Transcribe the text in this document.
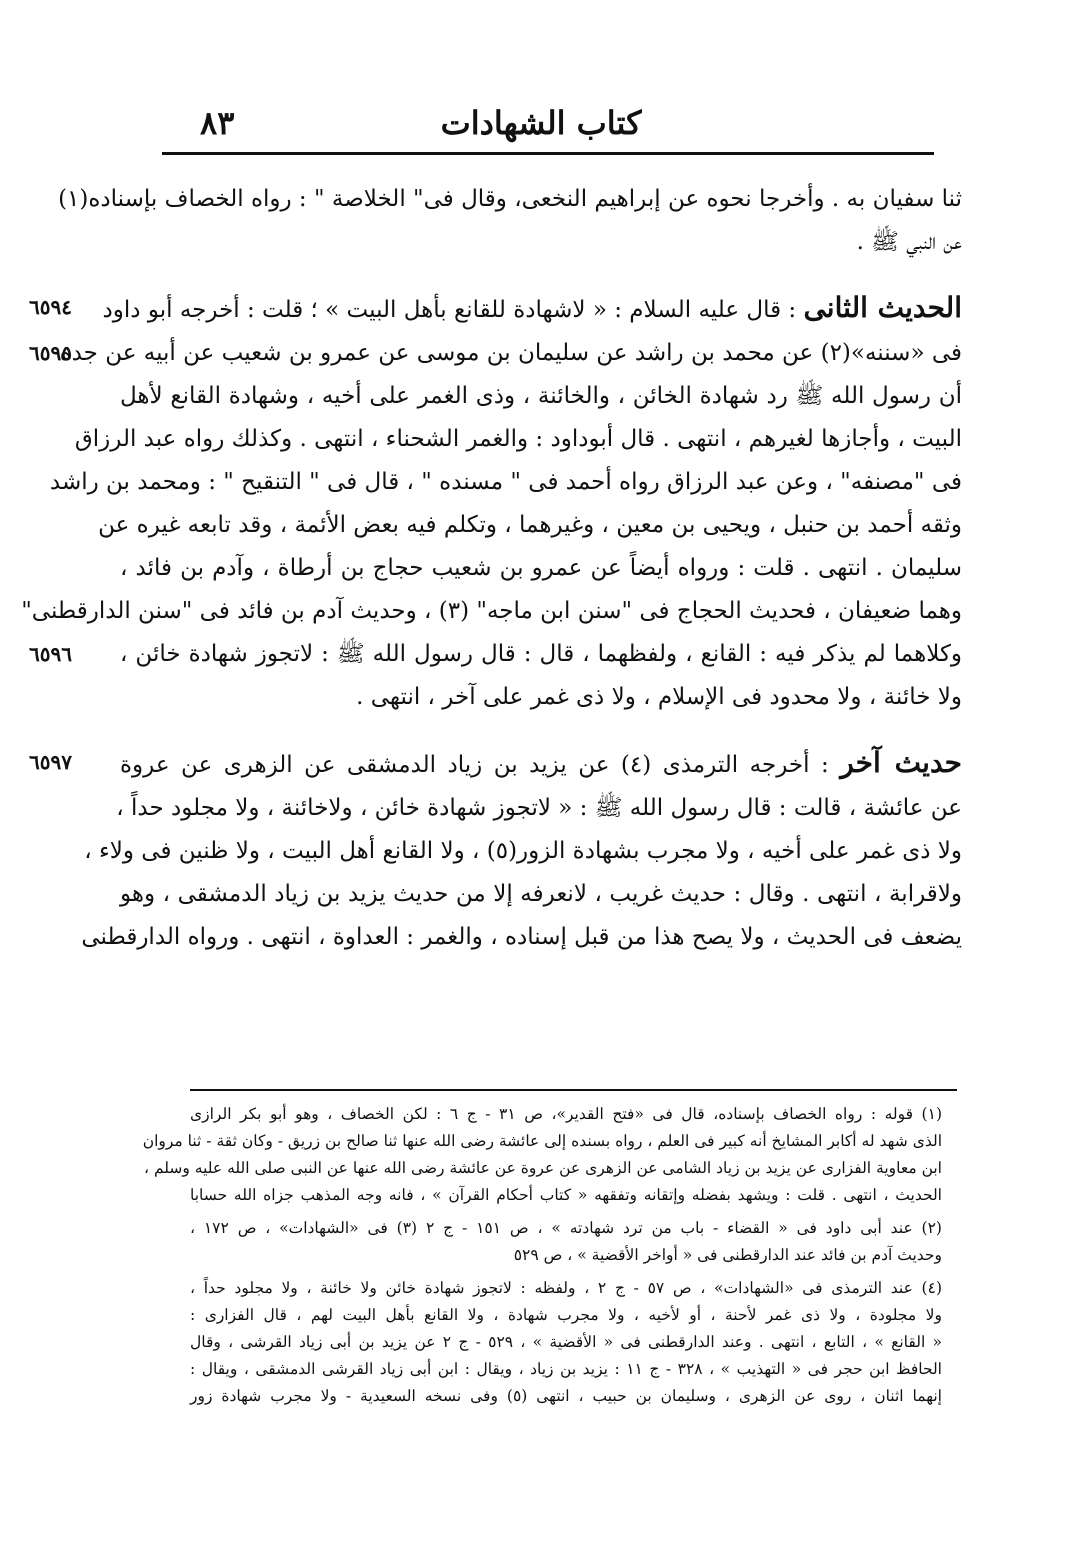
٨٣	كتاب الشهادات
ثنا سفيان به . وأخرجا نحوه عن إبراهيم النخعى، وقال فى" الخلاصة " : رواه الخصاف بإسناده(١)
عن النبي ﷺ .
الحديث الثانى : قال عليه السلام : « لاشهادة للقانع بأهل البيت » ؛ قلت : أخرجه أبو داود
٦٥٩٤
فى «سننه»(٢) عن محمد بن راشد عن سليمان بن موسى عن عمرو بن شعيب عن أبيه عن جده
٦٥٩٥
أن رسول الله ﷺ رد شهادة الخائن ، والخائنة ، وذى الغمر على أخيه ، وشهادة القانع لأهل
البيت ، وأجازها لغيرهم ، انتهى . قال أبوداود : والغمر الشحناء ، انتهى . وكذلك رواه عبد الرزاق
فى "مصنفه" ، وعن عبد الرزاق رواه أحمد فى " مسنده " ، قال فى " التنقيح " : ومحمد بن راشد
وثقه أحمد بن حنبل ، ويحيى بن معين ، وغيرهما ، وتكلم فيه بعض الأئمة ، وقد تابعه غيره عن
سليمان . انتهى . قلت : ورواه أيضاً عن عمرو بن شعيب حجاج بن أرطاة ، وآدم بن فائد ،
وهما ضعيفان ، فحديث الحجاج فى "سنن ابن ماجه" (٣) ، وحديث آدم بن فائد فى "سنن الدارقطنى"
وكلاهما لم يذكر فيه : القانع ، ولفظهما ، قال : قال رسول الله ﷺ : لاتجوز شهادة خائن ،
٦٥٩٦
ولا خائنة ، ولا محدود فى الإسلام ، ولا ذى غمر على آخر ، انتهى .
حديث آخر : أخرجه الترمذى (٤) عن يزيد بن زياد الدمشقى عن الزهرى عن عروة
٦٥٩٧
عن عائشة ، قالت : قال رسول الله ﷺ : « لاتجوز شهادة خائن ، ولاخائنة ، ولا مجلود حداً ،
ولا ذى غمر على أخيه ، ولا مجرب بشهادة الزور(٥) ، ولا القانع أهل البيت ، ولا ظنين فى ولاء ،
ولاقرابة ، انتهى . وقال : حديث غريب ، لانعرفه إلا من حديث يزيد بن زياد الدمشقى ، وهو
يضعف فى الحديث ، ولا يصح هذا من قبل إسناده ، والغمر : العداوة ، انتهى . ورواه الدارقطنى
(١) قوله : رواه الخصاف بإسناده، قال فى «فتح القدير»، ص ٣١ - ج ٦ : لكن الخصاف ، وهو أبو بكر الرازى
الذى شهد له أكابر المشايخ أنه كبير فى العلم ، رواه بسنده إلى عائشة رضى الله عنها ثنا صالح بن زريق - وكان ثقة - ثنا مروان
ابن معاوية الفزارى عن يزيد بن زياد الشامى عن الزهرى عن عروة عن عائشة رضى الله عنها عن النبى صلى الله عليه وسلم ،
الحديث ، انتهى . قلت : ويشهد بفضله وإتقانه وتفقهه « كتاب أحكام القرآن » ، فانه وجه المذهب جزاه الله حسابا
(٢) عند أبى داود فى « القضاء - باب من ترد شهادته » ، ص ١٥١ - ج ٢ (٣) فى «الشهادات» ، ص ١٧٢ ،
وحديث آدم بن فائد عند الدارقطنى فى « أواخر الأقضية » ، ص ٥٢٩
(٤) عند الترمذى فى «الشهادات» ، ص ٥٧ - ج ٢ ، ولفظه : لاتجوز شهادة خائن ولا خائنة ، ولا مجلود حداً ،
ولا مجلودة ، ولا ذى غمر لأحنة ، أو لأخيه ، ولا مجرب شهادة ، ولا القانع بأهل البيت لهم ، قال الفزارى :
« القانع » ، التابع ، انتهى . وعند الدارقطنى فى « الأقضية » ، ٥٢٩ - ج ٢ عن يزيد بن أبى زياد القرشى ، وقال
الحافظ ابن حجر فى « التهذيب » ، ٣٢٨ - ج ١١ : يزيد بن زياد ، ويقال : ابن أبى زياد القرشى الدمشقى ، ويقال :
إنهما اثنان ، روى عن الزهرى ، وسليمان بن حبيب ، انتهى (٥) وفى نسخه السعيدية - ولا مجرب شهادة زور
